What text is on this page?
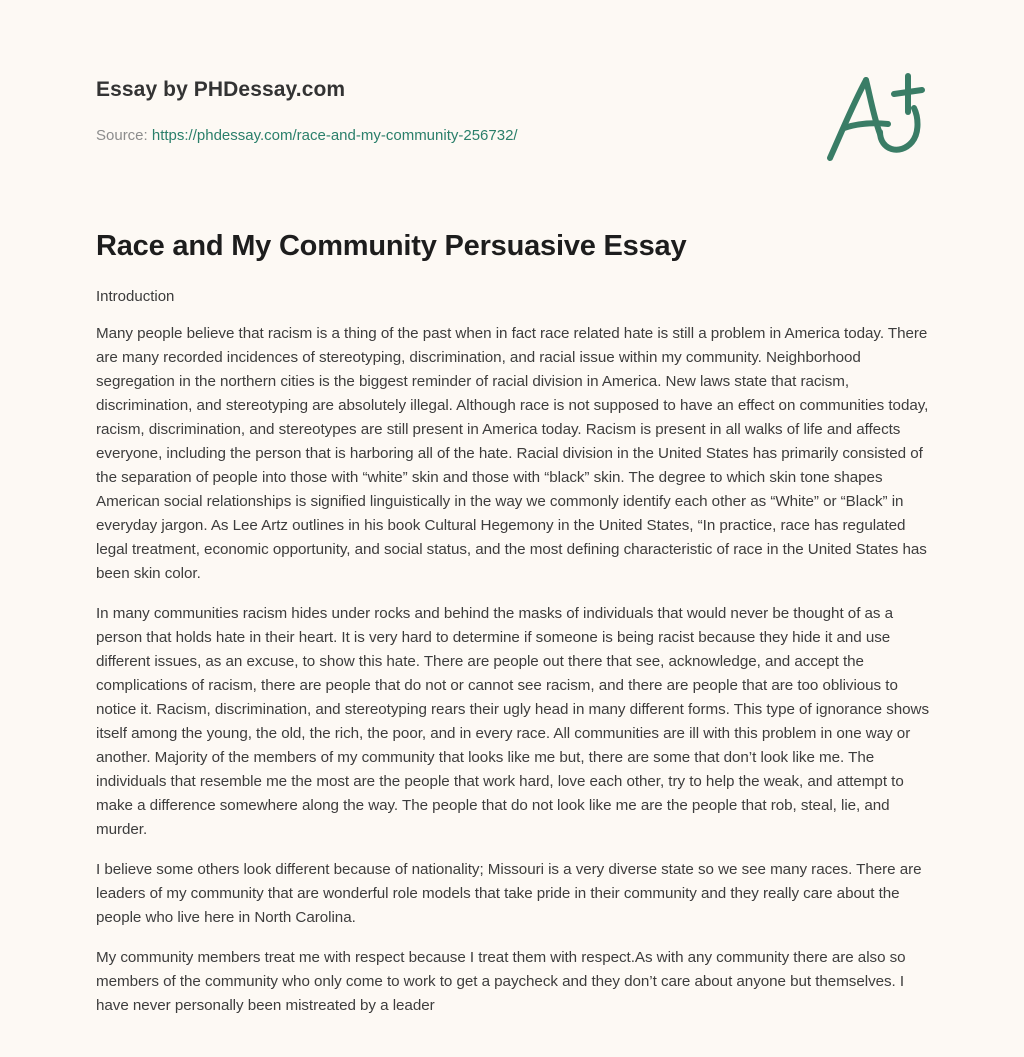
Essay by PHDessay.com
Source: https://phdessay.com/race-and-my-community-256732/
Race and My Community Persuasive Essay
Introduction

Many people believe that racism is a thing of the past when in fact race related hate is still a problem in America today. There are many recorded incidences of stereotyping, discrimination, and racial issue within my community. Neighborhood segregation in the northern cities is the biggest reminder of racial division in America. New laws state that racism, discrimination, and stereotyping are absolutely illegal. Although race is not supposed to have an effect on communities today, racism, discrimination, and stereotypes are still present in America today. Racism is present in all walks of life and affects everyone, including the person that is harboring all of the hate. Racial division in the United States has primarily consisted of the separation of people into those with “white” skin and those with “black” skin. The degree to which skin tone shapes American social relationships is signified linguistically in the way we commonly identify each other as “White” or “Black” in everyday jargon. As Lee Artz outlines in his book Cultural Hegemony in the United States, “In practice, race has regulated legal treatment, economic opportunity, and social status, and the most defining characteristic of race in the United States has been skin color.

In many communities racism hides under rocks and behind the masks of individuals that would never be thought of as a person that holds hate in their heart. It is very hard to determine if someone is being racist because they hide it and use different issues, as an excuse, to show this hate. There are people out there that see, acknowledge, and accept the complications of racism, there are people that do not or cannot see racism, and there are people that are too oblivious to notice it. Racism, discrimination, and stereotyping rears their ugly head in many different forms. This type of ignorance shows itself among the young, the old, the rich, the poor, and in every race. All communities are ill with this problem in one way or another. Majority of the members of my community that looks like me but, there are some that don’t look like me. The individuals that resemble me the most are the people that work hard, love each other, try to help the weak, and attempt to make a difference somewhere along the way. The people that do not look like me are the people that rob, steal, lie, and murder.

I believe some others look different because of nationality; Missouri is a very diverse state so we see many races. There are leaders of my community that are wonderful role models that take pride in their community and they really care about the people who live here in North Carolina.

My community members treat me with respect because I treat them with respect.As with any community there are also so members of the community who only come to work to get a paycheck and they don’t care about anyone but themselves. I have never personally been mistreated by a leader
